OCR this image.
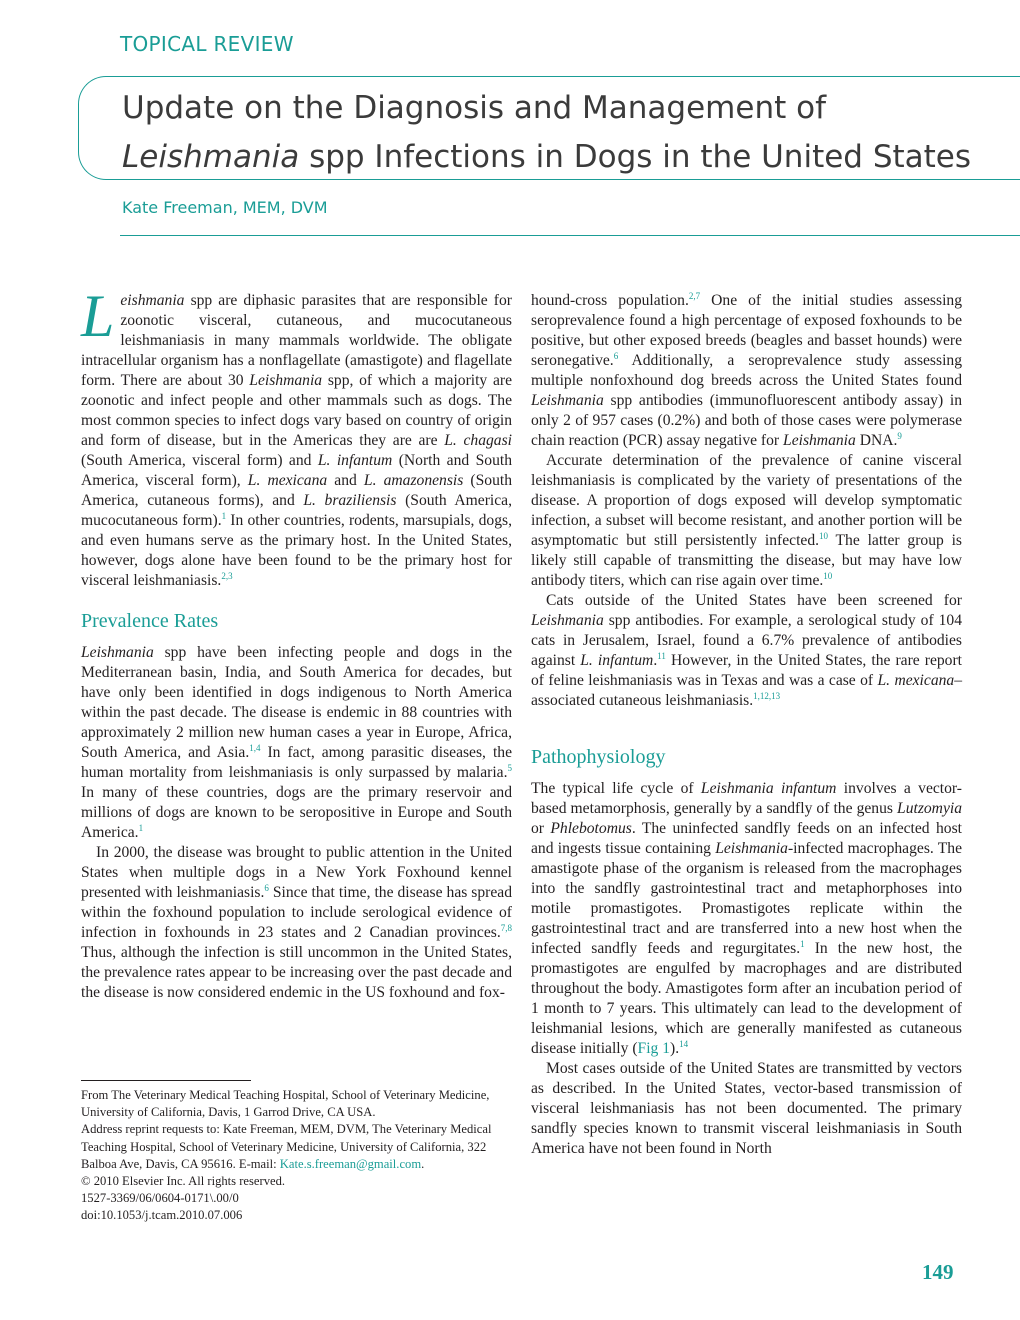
TOPICAL REVIEW
Update on the Diagnosis and Management of
Leishmania spp Infections in Dogs in the United States
Kate Freeman, MEM, DVM

Leishmania spp are diphasic parasites that are responsible for zoonotic visceral, cutaneous, and mucocutaneous leishmaniasis in many mammals worldwide. The obligate intracellular organism has a nonflagellate (amastigote) and flagellate form. There are about 30 Leishmania spp, of which a majority are zoonotic and infect people and other mammals such as dogs. The most common species to infect dogs vary based on country of origin and form of disease, but in the Americas they are are L. chagasi (South America, visceral form) and L. infantum (North and South America, visceral form), L. mexicana and L. amazonensis (South America, cutaneous forms), and L. braziliensis (South America, mucocutaneous form).$^1$ In other countries, rodents, marsupials, dogs, and even humans serve as the primary host. In the United States, however, dogs alone have been found to be the primary host for visceral leishmaniasis.$^{2,3}$

Prevalence Rates

Leishmania spp have been infecting people and dogs in the Mediterranean basin, India, and South America for decades, but have only been identified in dogs indigenous to North America within the past decade. The disease is endemic in 88 countries with approximately 2 million new human cases a year in Europe, Africa, South America, and Asia.$^{1,4}$ In fact, among parasitic diseases, the human mortality from leishmaniasis is only surpassed by malaria.$^5$ In many of these countries, dogs are the primary reservoir and millions of dogs are known to be seropositive in Europe and South America.$^1$

In 2000, the disease was brought to public attention in the United States when multiple dogs in a New York Foxhound kennel presented with leishmaniasis.$^6$ Since that time, the disease has spread within the foxhound population to include serological evidence of infection in foxhounds in 23 states and 2 Canadian provinces.$^{7,8}$ Thus, although the infection is still uncommon in the United States, the prevalence rates appear to be increasing over the past decade and the disease is now considered endemic in the US foxhound and fox-

hound-cross population.$^{2,7}$ One of the initial studies assessing seroprevalence found a high percentage of exposed foxhounds to be positive, but other exposed breeds (beagles and basset hounds) were seronegative.$^6$ Additionally, a seroprevalence study assessing multiple nonfoxhound dog breeds across the United States found Leishmania spp antibodies (immunofluorescent antibody assay) in only 2 of 957 cases (0.2%) and both of those cases were polymerase chain reaction (PCR) assay negative for Leishmania DNA.$^9$

Accurate determination of the prevalence of canine visceral leishmaniasis is complicated by the variety of presentations of the disease. A proportion of dogs exposed will develop symptomatic infection, a subset will become resistant, and another portion will be asymptomatic but still persistently infected.$^{10}$ The latter group is likely still capable of transmitting the disease, but may have low antibody titers, which can rise again over time.$^{10}$

Cats outside of the United States have been screened for Leishmania spp antibodies. For example, a serological study of 104 cats in Jerusalem, Israel, found a 6.7% prevalence of antibodies against L. infantum.$^{11}$ However, in the United States, the rare report of feline leishmaniasis was in Texas and was a case of L. mexicana–associated cutaneous leishmaniasis.$^{1,12,13}$

Pathophysiology

The typical life cycle of Leishmania infantum involves a vector-based metamorphosis, generally by a sandfly of the genus Lutzomyia or Phlebotomus. The uninfected sandfly feeds on an infected host and ingests tissue containing Leishmania-infected macrophages. The amastigote phase of the organism is released from the macrophages into the sandfly gastrointestinal tract and metaphorphoses into motile promastigotes. Promastigotes replicate within the gastrointestinal tract and are transferred into a new host when the infected sandfly feeds and regurgitates.$^1$ In the new host, the promastigotes are engulfed by macrophages and are distributed throughout the body. Amastigotes form after an incubation period of 1 month to 7 years. This ultimately can lead to the development of leishmanial lesions, which are generally manifested as cutaneous disease initially (Fig 1).$^{14}$

Most cases outside of the United States are transmitted by vectors as described. In the United States, vector-based transmission of visceral leishmaniasis has not been documented. The primary sandfly species known to transmit visceral leishmaniasis in South America have not been found in North

From The Veterinary Medical Teaching Hospital, School of Veterinary Medicine, University of California, Davis, 1 Garrod Drive, CA USA.
Address reprint requests to: Kate Freeman, MEM, DVM, The Veterinary Medical Teaching Hospital, School of Veterinary Medicine, University of California, 322 Balboa Ave, Davis, CA 95616. E-mail: Kate.s.freeman@gmail.com.
© 2010 Elsevier Inc. All rights reserved.
1527-3369/06/0604-0171\.00/0
doi:10.1053/j.tcam.2010.07.006
149
